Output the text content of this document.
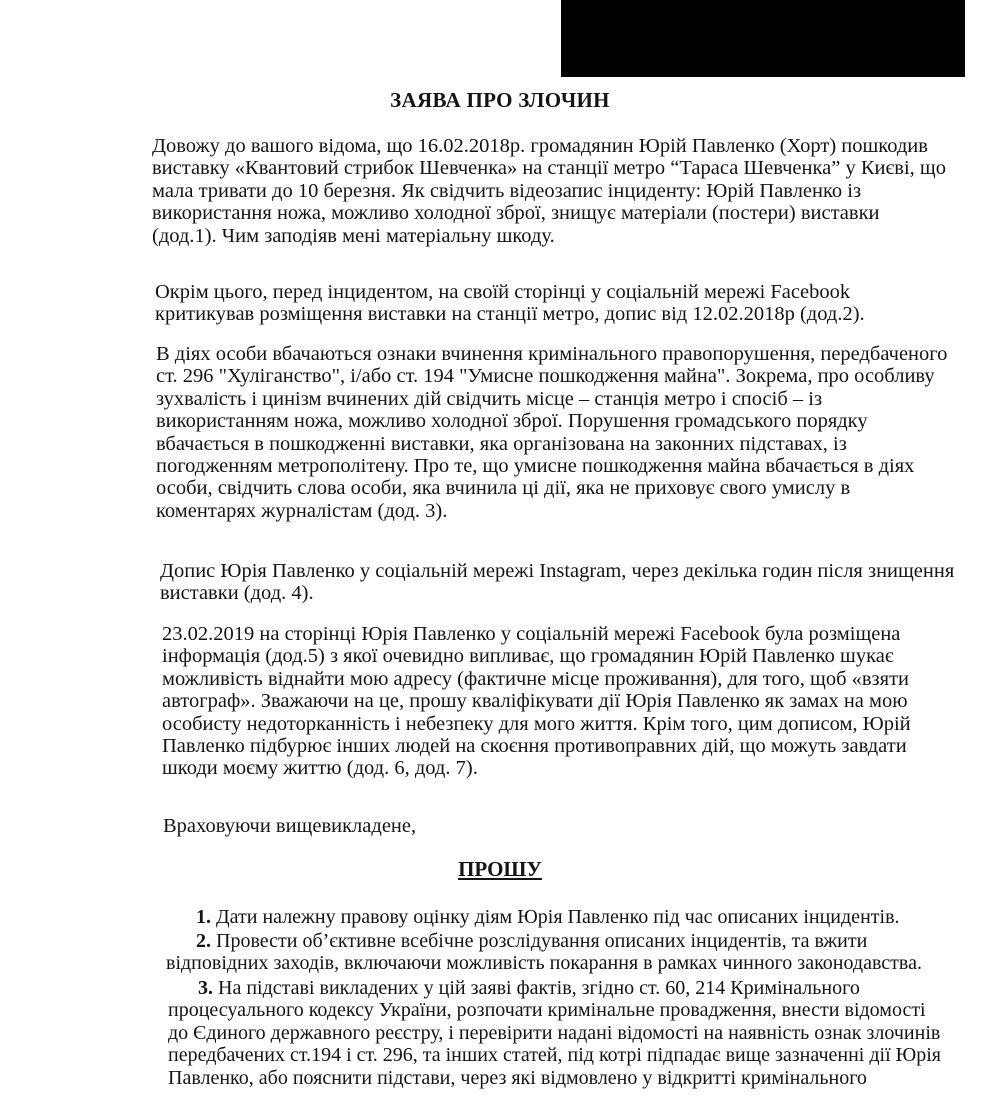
ЗАЯВА ПРО ЗЛОЧИН
Довожу до вашого відома, що 16.02.2018р. громадянин Юрій Павленко (Хорт) пошкодив
виставку «Квантовий стрибок Шевченка» на станції метро “Тараса Шевченка” у Києві, що
мала тривати до 10 березня. Як свідчить відеозапис інциденту: Юрій Павленко із
використання ножа, можливо холодної зброї, знищує матеріали (постери) виставки
(дод.1). Чим заподіяв мені матеріальну шкоду.
Окрім цього, перед інцидентом, на своїй сторінці у соціальній мережі Facebook
критикував розміщення виставки на станції метро, допис від 12.02.2018р (дод.2).
В діях особи вбачаються ознаки вчинення кримінального правопорушення, передбаченого
ст. 296 "Хуліганство", і/або ст. 194 "Умисне пошкодження майна". Зокрема, про особливу
зухвалість і цинізм вчинених дій свідчить місце – станція метро і спосіб – із
використанням ножа, можливо холодної зброї. Порушення громадського порядку
вбачається в пошкодженні виставки, яка організована на законних підставах, із
погодженням метрополітену. Про те, що умисне пошкодження майна вбачається в діях
особи, свідчить слова особи, яка вчинила ці дії, яка не приховує свого умислу в
коментарях журналістам (дод. 3).
Допис Юрія Павленко у соціальній мережі Instagram, через декілька годин після знищення
виставки (дод. 4).
23.02.2019 на сторінці Юрія Павленко у соціальній мережі Facebook була розміщена
інформація (дод.5) з якої очевидно випливає, що громадянин Юрій Павленко шукає
можливість віднайти мою адресу (фактичне місце проживання), для того, щоб «взяти
автограф». Зважаючи на це, прошу кваліфікувати дії Юрія Павленко як замах на мою
особисту недоторканність і небезпеку для мого життя. Крім того, цим дописом, Юрій
Павленко підбурює інших людей на скоєння противоправних дій, що можуть завдати
шкоди моєму життю (дод. 6, дод. 7).
Враховуючи вищевикладене,
ПРОШУ
1. Дати належну правову оцінку діям Юрія Павленко під час описаних інцидентів.
2. Провести об’єктивне всебічне розслідування описаних інцидентів, та вжити
відповідних заходів, включаючи можливість покарання в рамках чинного законодавства.
3. На підставі викладених у цій заяві фактів, згідно ст. 60, 214 Кримінального
процесуального кодексу України, розпочати кримінальне провадження, внести відомості
до Єдиного державного реєстру, і перевірити надані відомості на наявність ознак злочинів
передбачених ст.194 і ст. 296, та інших статей, під котрі підпадає вище зазначенні дії Юрія
Павленко, або пояснити підстави, через які відмовлено у відкритті кримінального
